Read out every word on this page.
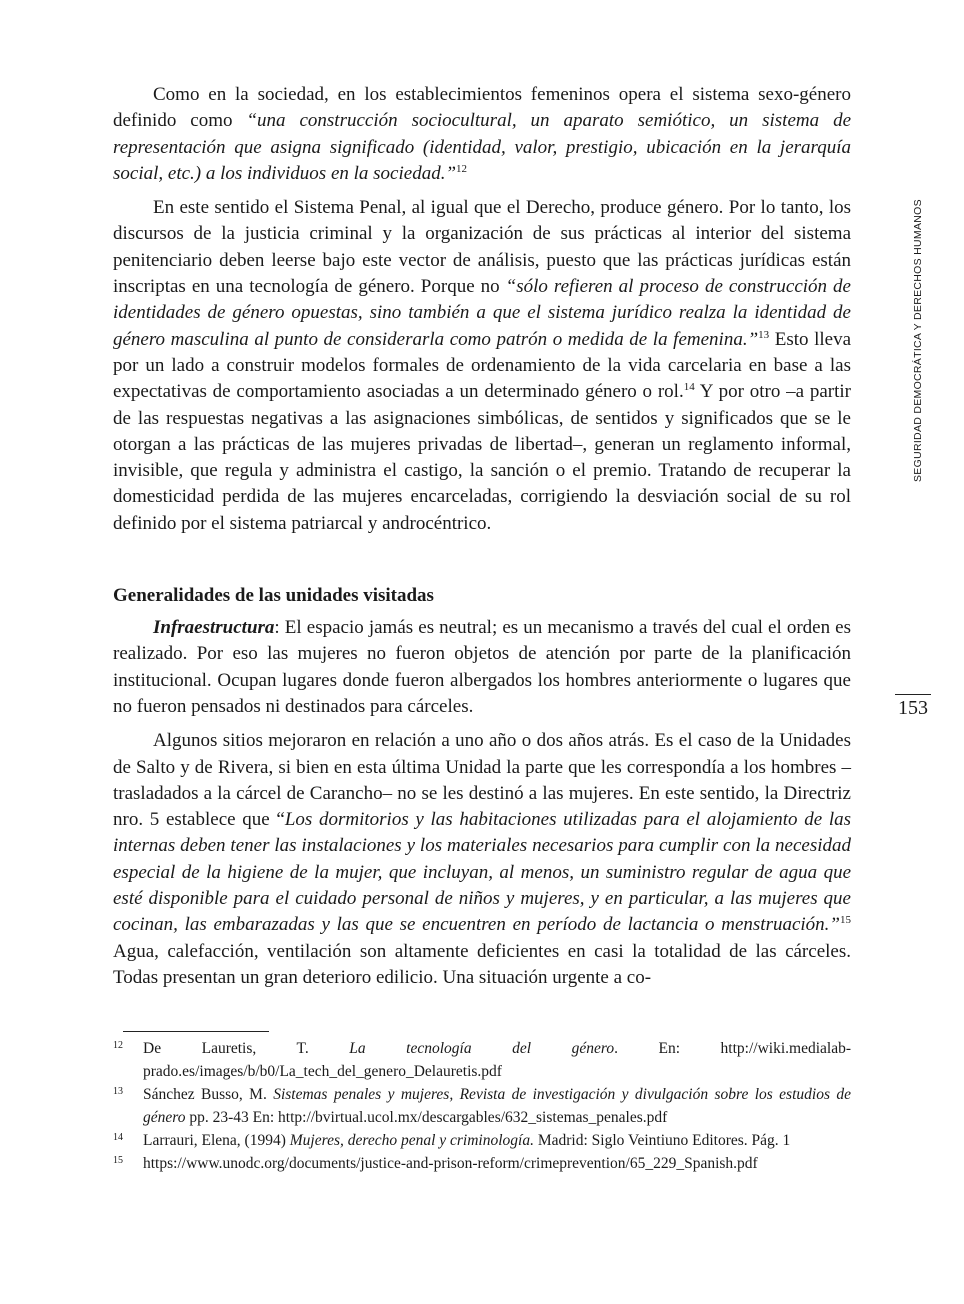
SEGURIDAD DEMOCRÁTICA Y DERECHOS HUMANOS
153

Como en la sociedad, en los establecimientos femeninos opera el sistema sexo-género definido como “una construcción sociocultural, un aparato semiótico, un sistema de representación que asigna significado (identidad, valor, prestigio, ubicación en la jerarquía social, etc.) a los individuos en la sociedad.”$^{12}$

En este sentido el Sistema Penal, al igual que el Derecho, produce género. Por lo tanto, los discursos de la justicia criminal y la organización de sus prácticas al interior del sistema penitenciario deben leerse bajo este vector de análisis, puesto que las prácticas jurídicas están inscriptas en una tecnología de género. Porque no “sólo refieren al proceso de construcción de identidades de género opuestas, sino también a que el sistema jurídico realza la identidad de género masculina al punto de considerarla como patrón o medida de la femenina.”$^{13}$ Esto lleva por un lado a construir modelos formales de ordenamiento de la vida carcelaria en base a las expectativas de comportamiento asociadas a un determinado género o rol.$^{14}$ Y por otro –a partir de las respuestas negativas a las asignaciones simbólicas, de sentidos y significados que se le otorgan a las prácticas de las mujeres privadas de libertad–, generan un reglamento informal, invisible, que regula y administra el castigo, la sanción o el premio. Tratando de recuperar la domesticidad perdida de las mujeres encarceladas, corrigiendo la desviación social de su rol definido por el sistema patriarcal y androcéntrico.

Generalidades de las unidades visitadas

Infraestructura: El espacio jamás es neutral; es un mecanismo a través del cual el orden es realizado. Por eso las mujeres no fueron objetos de atención por parte de la planificación institucional. Ocupan lugares donde fueron albergados los hombres anteriormente o lugares que no fueron pensados ni destinados para cárceles.

Algunos sitios mejoraron en relación a uno año o dos años atrás. Es el caso de la Unidades de Salto y de Rivera, si bien en esta última Unidad la parte que les correspondía a los hombres –trasladados a la cárcel de Carancho– no se les destinó a las mujeres. En este sentido, la Directriz nro. 5 establece que “Los dormitorios y las habitaciones utilizadas para el alojamiento de las internas deben tener las instalaciones y los materiales necesarios para cumplir con la necesidad especial de la higiene de la mujer, que incluyan, al menos, un suministro regular de agua que esté disponible para el cuidado personal de niños y mujeres, y en particular, a las mujeres que cocinan, las embarazadas y las que se encuentren en período de lactancia o menstruación.”$^{15}$ Agua, calefacción, ventilación son altamente deficientes en casi la totalidad de las cárceles. Todas presentan un gran deterioro edilicio. Una situación urgente a co-

12 De Lauretis, T. La tecnología del género. En: http://wiki.medialab-prado.es/images/b/b0/La_tech_del_genero_Delauretis.pdf
13 Sánchez Busso, M. Sistemas penales y mujeres, Revista de investigación y divulgación sobre los estudios de género pp. 23-43 En: http://bvirtual.ucol.mx/descargables/632_sistemas_penales.pdf
14 Larrauri, Elena, (1994) Mujeres, derecho penal y criminología. Madrid: Siglo Veintiuno Editores. Pág. 1
15 https://www.unodc.org/documents/justice-and-prison-reform/crimeprevention/65_229_Spanish.pdf
